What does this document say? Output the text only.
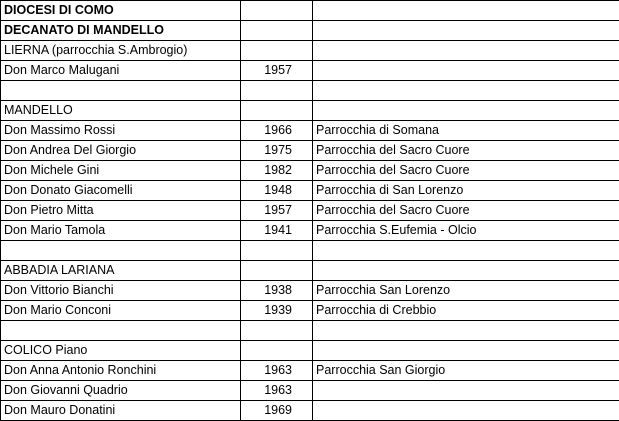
DIOCESI DI COMO		
DECANATO DI MANDELLO		
LIERNA (parrocchia S.Ambrogio)		
Don Marco Malugani	1957	

MANDELLO		
Don Massimo Rossi	1966	Parrocchia di Somana
Don Andrea Del Giorgio	1975	Parrocchia del Sacro Cuore
Don Michele Gini	1982	Parrocchia del Sacro Cuore
Don Donato Giacomelli	1948	Parrocchia di San Lorenzo
Don Pietro Mitta	1957	Parrocchia del Sacro Cuore
Don Mario Tamola	1941	Parrocchia S.Eufemia - Olcio

ABBADIA LARIANA		
Don Vittorio Bianchi	1938	Parrocchia San Lorenzo
Don Mario Conconi	1939	Parrocchia di Crebbio

COLICO Piano		
Don Anna Antonio Ronchini	1963	Parrocchia San Giorgio
Don Giovanni Quadrio	1963	
Don Mauro Donatini	1969	
